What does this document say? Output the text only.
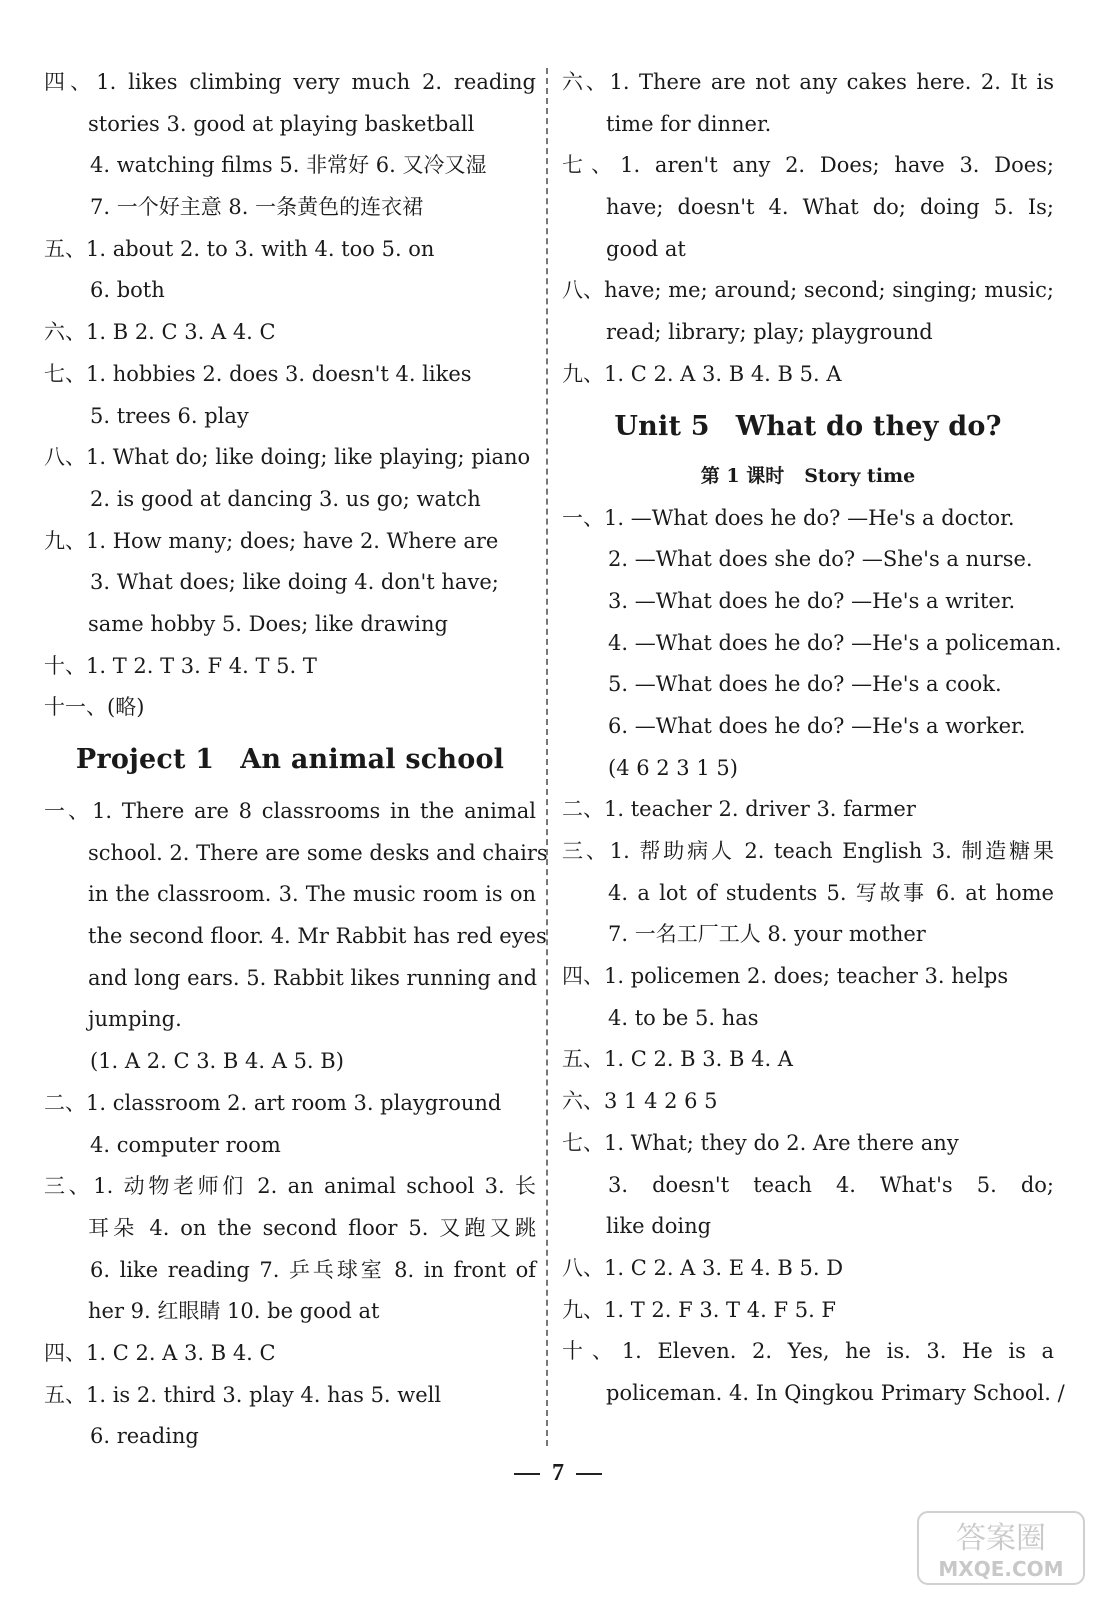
四、1. likes climbing very much 2. reading
stories 3. good at playing basketball
4. watching films 5. 非常好 6. 又冷又湿
7. 一个好主意 8. 一条黄色的连衣裙
五、1. about 2. to 3. with 4. too 5. on
6. both
六、1. B 2. C 3. A 4. C
七、1. hobbies 2. does 3. doesn't 4. likes
5. trees 6. play
八、1. What do; like doing; like playing; piano
2. is good at dancing 3. us go; watch
九、1. How many; does; have 2. Where are
3. What does; like doing 4. don't have;
same hobby 5. Does; like drawing
十、1. T 2. T 3. F 4. T 5. T
十一、(略)
Project 1 An animal school
一、1. There are 8 classrooms in the animal
school. 2. There are some desks and chairs
in the classroom. 3. The music room is on
the second floor. 4. Mr Rabbit has red eyes
and long ears. 5. Rabbit likes running and
jumping.
(1. A 2. C 3. B 4. A 5. B)
二、1. classroom 2. art room 3. playground
4. computer room
三、1. 动物老师们 2. an animal school 3. 长
耳朵 4. on the second floor 5. 又跑又跳
6. like reading 7. 乒乓球室 8. in front of
her 9. 红眼睛 10. be good at
四、1. C 2. A 3. B 4. C
五、1. is 2. third 3. play 4. has 5. well
6. reading
六、1. There are not any cakes here. 2. It is
time for dinner.
七、1. aren't any 2. Does; have 3. Does;
have; doesn't 4. What do; doing 5. Is;
good at
八、have; me; around; second; singing; music;
read; library; play; playground
九、1. C 2. A 3. B 4. B 5. A
Unit 5 What do they do?
第 1 课时 Story time
一、1. —What does he do? —He's a doctor.
2. —What does she do? —She's a nurse.
3. —What does he do? —He's a writer.
4. —What does he do? —He's a policeman.
5. —What does he do? —He's a cook.
6. —What does he do? —He's a worker.
(4 6 2 3 1 5)
二、1. teacher 2. driver 3. farmer
三、1. 帮助病人 2. teach English 3. 制造糖果
4. a lot of students 5. 写故事 6. at home
7. 一名工厂工人 8. your mother
四、1. policemen 2. does; teacher 3. helps
4. to be 5. has
五、1. C 2. B 3. B 4. A
六、3 1 4 2 6 5
七、1. What; they do 2. Are there any
3. doesn't teach 4. What's 5. do;
like doing
八、1. C 2. A 3. E 4. B 5. D
九、1. T 2. F 3. T 4. F 5. F
十、1. Eleven. 2. Yes, he is. 3. He is a
policeman. 4. In Qingkou Primary School. /
7
答案圈
MXQE.COM
